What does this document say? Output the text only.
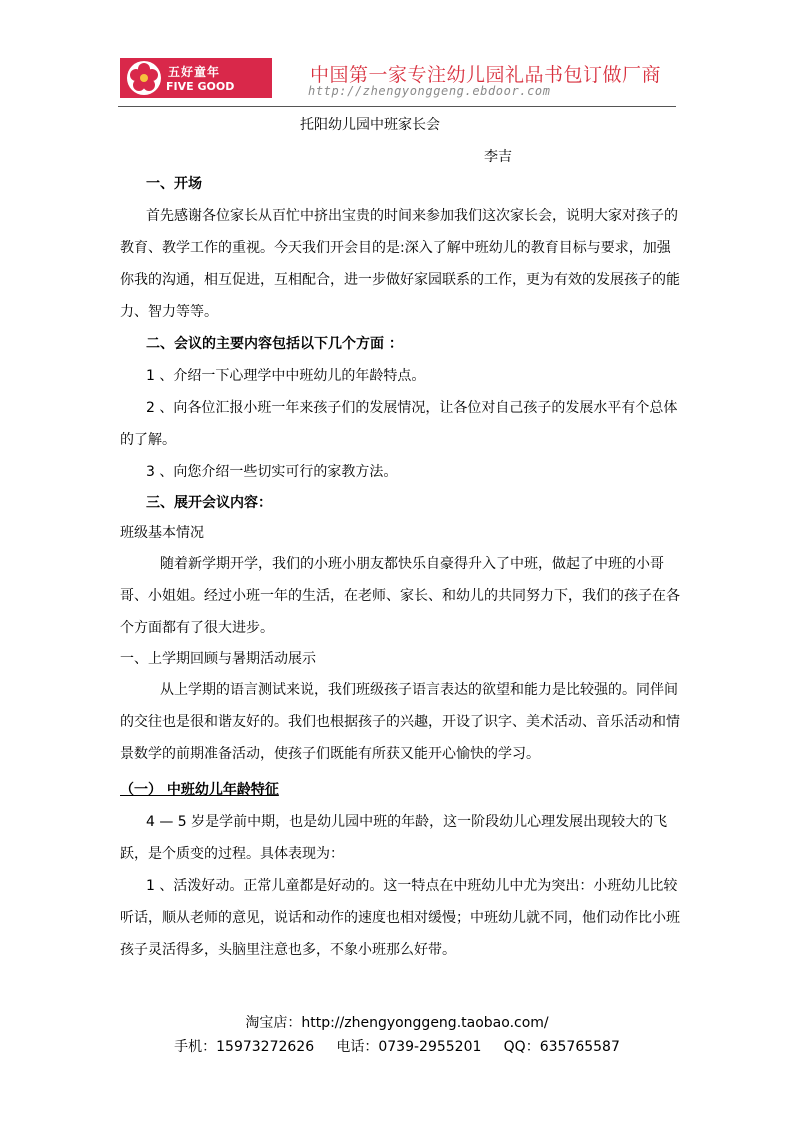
五好童年
FIVE GOOD
中国第一家专注幼儿园礼品书包订做厂商
http://zhengyonggeng.ebdoor.com

托阳幼儿园中班家长会

李吉

一、开场

首先感谢各位家长从百忙中挤出宝贵的时间来参加我们这次家长会，说明大家对孩子的教育、教学工作的重视。今天我们开会目的是:深入了解中班幼儿的教育目标与要求，加强你我的沟通，相互促进，互相配合，进一步做好家园联系的工作，更为有效的发展孩子的能力、智力等等。

二、会议的主要内容包括以下几个方面 ：

1 、介绍一下心理学中中班幼儿的年龄特点。

2 、向各位汇报小班一年来孩子们的发展情况，让各位对自己孩子的发展水平有个总体的了解。

3 、向您介绍一些切实可行的家教方法。

三、展开会议内容：

班级基本情况

随着新学期开学，我们的小班小朋友都快乐自豪得升入了中班，做起了中班的小哥哥、小姐姐。经过小班一年的生活，在老师、家长、和幼儿的共同努力下，我们的孩子在各个方面都有了很大进步。

一、上学期回顾与暑期活动展示

从上学期的语言测试来说，我们班级孩子语言表达的欲望和能力是比较强的。同伴间的交往也是很和谐友好的。我们也根据孩子的兴趣，开设了识字、美术活动、音乐活动和情景数学的前期准备活动，使孩子们既能有所获又能开心愉快的学习。

（一） 中班幼儿年龄特征

4 — 5 岁是学前中期，也是幼儿园中班的年龄，这一阶段幼儿心理发展出现较大的飞跃，是个质变的过程。具体表现为：

1 、活泼好动。正常儿童都是好动的。这一特点在中班幼儿中尤为突出：小班幼儿比较听话，顺从老师的意见，说话和动作的速度也相对缓慢；中班幼儿就不同，他们动作比小班孩子灵活得多，头脑里注意也多，不象小班那么好带。

淘宝店：http://zhengyonggeng.taobao.com/
手机：15973272626     电话：0739-2955201     QQ：635765587
